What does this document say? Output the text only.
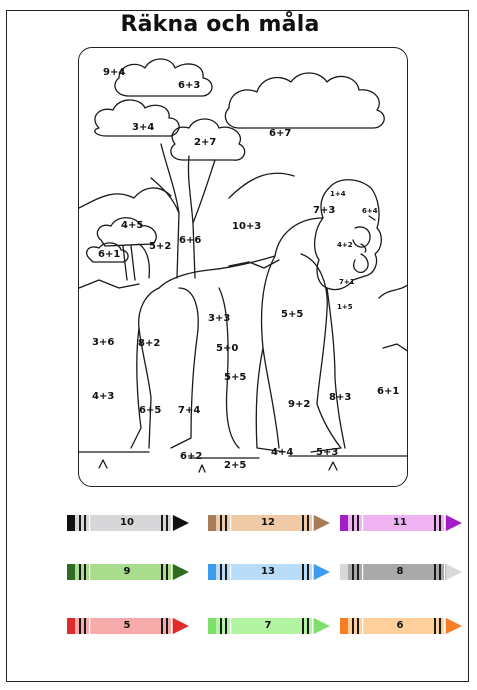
Räkna och måla
9+4
6+3
3+4
2+7
6+7
1+4
7+3	6+4
4+5	10+3
6+6
5+2	4+2
6+1
7+1
1+5
3+3	5+5
3+6 8+2	5+0
5+5
4+3	6+1
8+3
9+2
6+5 7+4
6+2	4+4 5+3
2+5
10	12	11
9	13	8
5	7	6
